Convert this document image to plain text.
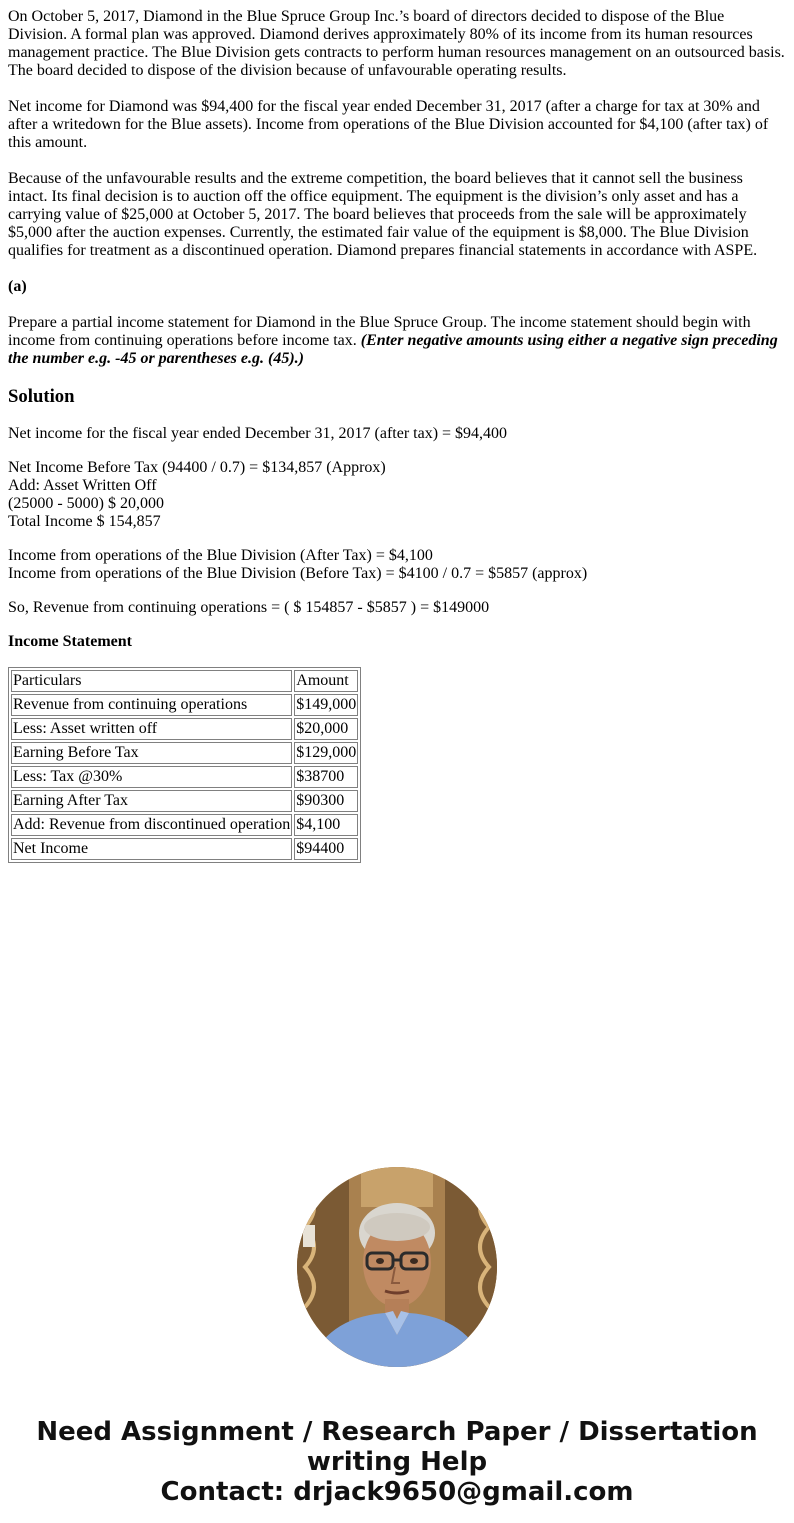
On October 5, 2017, Diamond in the Blue Spruce Group Inc.’s board of directors decided to dispose of the Blue Division. A formal plan was approved. Diamond derives approximately 80% of its income from its human resources management practice. The Blue Division gets contracts to perform human resources management on an outsourced basis. The board decided to dispose of the division because of unfavourable operating results.

Net income for Diamond was $94,400 for the fiscal year ended December 31, 2017 (after a charge for tax at 30% and after a writedown for the Blue assets). Income from operations of the Blue Division accounted for $4,100 (after tax) of this amount.

Because of the unfavourable results and the extreme competition, the board believes that it cannot sell the business intact. Its final decision is to auction off the office equipment. The equipment is the division’s only asset and has a carrying value of $25,000 at October 5, 2017. The board believes that proceeds from the sale will be approximately $5,000 after the auction expenses. Currently, the estimated fair value of the equipment is $8,000. The Blue Division qualifies for treatment as a discontinued operation. Diamond prepares financial statements in accordance with ASPE.

(a)

Prepare a partial income statement for Diamond in the Blue Spruce Group. The income statement should begin with income from continuing operations before income tax. (Enter negative amounts using either a negative sign preceding the number e.g. -45 or parentheses e.g. (45).)

Solution

Net income for the fiscal year ended December 31, 2017 (after tax) = $94,400

Net Income Before Tax (94400 / 0.7) = $134,857 (Approx)
Add: Asset Written Off
(25000 - 5000) $ 20,000
Total Income $ 154,857

Income from operations of the Blue Division (After Tax) = $4,100
Income from operations of the Blue Division (Before Tax) = $4100 / 0.7 = $5857 (approx)

So, Revenue from continuing operations = ( $ 154857 - $5857 ) = $149000

Income Statement

Particulars	Amount
Revenue from continuing operations	$149,000
Less: Asset written off	$20,000
Earning Before Tax	$129,000
Less: Tax @30%	$38700
Earning After Tax	$90300
Add: Revenue from discontinued operation	$4,100
Net Income	$94400
Need Assignment / Research Paper / Dissertation
writing Help
Contact: drjack9650@gmail.com
